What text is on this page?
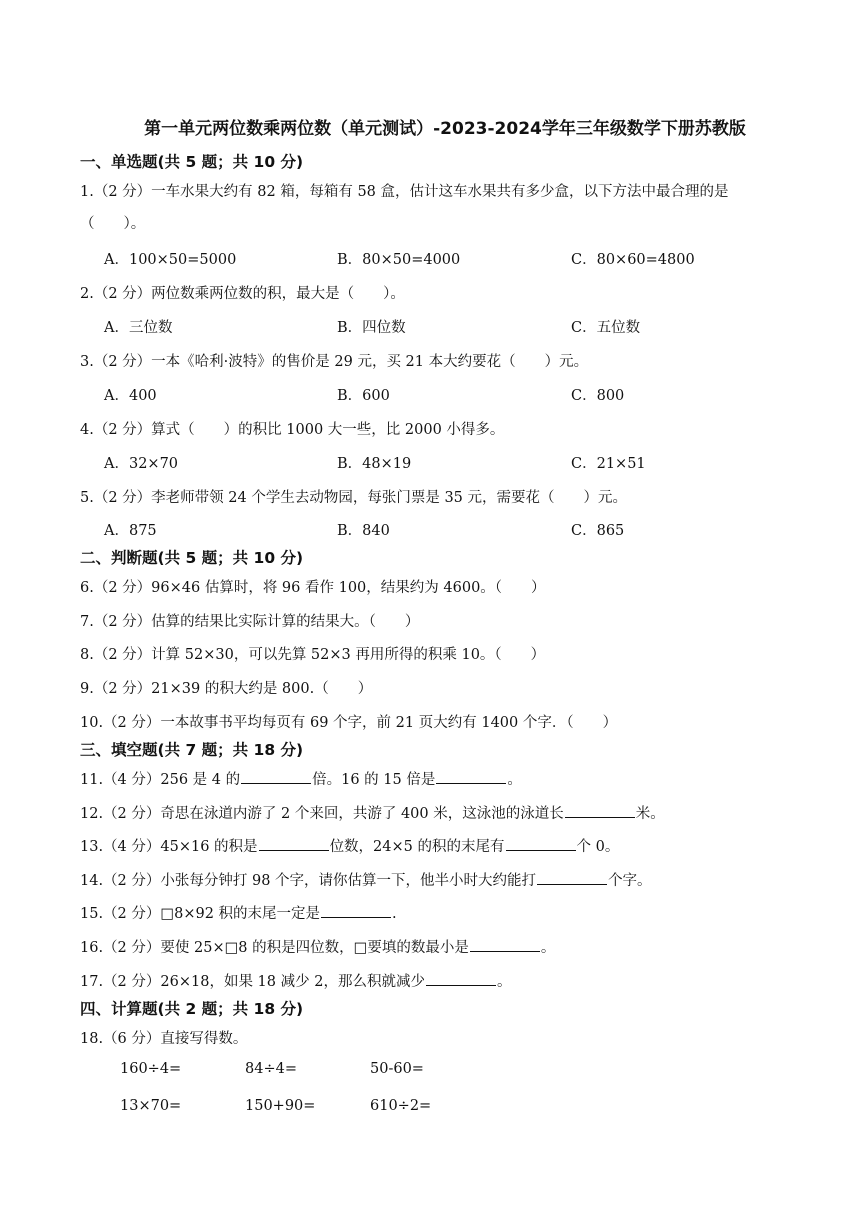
第一单元两位数乘两位数（单元测试）-2023-2024学年三年级数学下册苏教版
一、单选题(共 5 题；共 10 分)
1.（2 分）一车水果大约有 82 箱，每箱有 58 盒，估计这车水果共有多少盒，以下方法中最合理的是
（　　）。
A．100×50=5000	B．80×50=4000	C．80×60=4800
2.（2 分）两位数乘两位数的积，最大是（　　）。
A．三位数	B．四位数	C．五位数
3.（2 分）一本《哈利·波特》的售价是 29 元，买 21 本大约要花（　　）元。
A．400	B．600	C．800
4.（2 分）算式（　　）的积比 1000 大一些，比 2000 小得多。
A．32×70	B．48×19	C．21×51
5.（2 分）李老师带领 24 个学生去动物园，每张门票是 35 元，需要花（　　）元。
A．875	B．840	C．865
二、判断题(共 5 题；共 10 分)
6.（2 分）96×46 估算时，将 96 看作 100，结果约为 4600。（　　）
7.（2 分）估算的结果比实际计算的结果大。（　　）
8.（2 分）计算 52×30，可以先算 52×3 再用所得的积乘 10。（　　）
9.（2 分）21×39 的积大约是 800.（　　）
10.（2 分）一本故事书平均每页有 69 个字，前 21 页大约有 1400 个字．（　　）
三、填空题(共 7 题；共 18 分)
11.（4 分）256 是 4 的	倍。16 的 15 倍是	。
12.（2 分）奇思在泳道内游了 2 个来回，共游了 400 米，这泳池的泳道长	米。
13.（4 分）45×16 的积是	位数，24×5 的积的末尾有	个 0。
14.（2 分）小张每分钟打 98 个字，请你估算一下，他半小时大约能打	个字。
15.（2 分）□8×92 积的末尾一定是	.
16.（2 分）要使 25×□8 的积是四位数，□要填的数最小是	。
17.（2 分）26×18，如果 18 减少 2，那么积就减少	。
四、计算题(共 2 题；共 18 分)
18.（6 分）直接写得数。
160÷4=	84÷4=	50-60=
13×70=	150+90=	610÷2=
